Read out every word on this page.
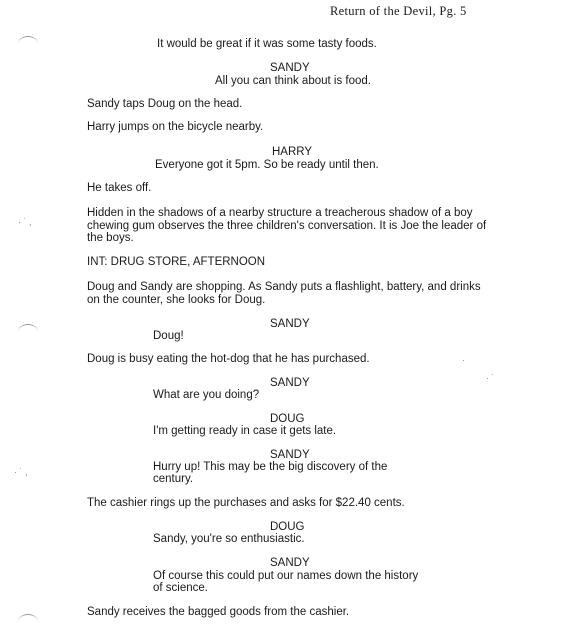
Return of the Devil, Pg. 5
· ˙ ,
· ˙ ,
·
· ˙
It would be great if it was some tasty foods.
SANDY
All you can think about is food.
Sandy taps Doug on the head.
Harry jumps on the bicycle nearby.
HARRY
Everyone got it 5pm. So be ready until then.
He takes off.
Hidden in the shadows of a nearby structure a treacherous shadow of a boy
chewing gum observes the three children's conversation. It is Joe the leader of
the boys.
INT: DRUG STORE, AFTERNOON
Doug and Sandy are shopping. As Sandy puts a flashlight, battery, and drinks
on the counter, she looks for Doug.
SANDY
Doug!
Doug is busy eating the hot-dog that he has purchased.
SANDY
What are you doing?
DOUG
I'm getting ready in case it gets late.
SANDY
Hurry up! This may be the big discovery of the
century.
The cashier rings up the purchases and asks for $22.40 cents.
DOUG
Sandy, you're so enthusiastic.
SANDY
Of course this could put our names down the history
of science.
Sandy receives the bagged goods from the cashier.
